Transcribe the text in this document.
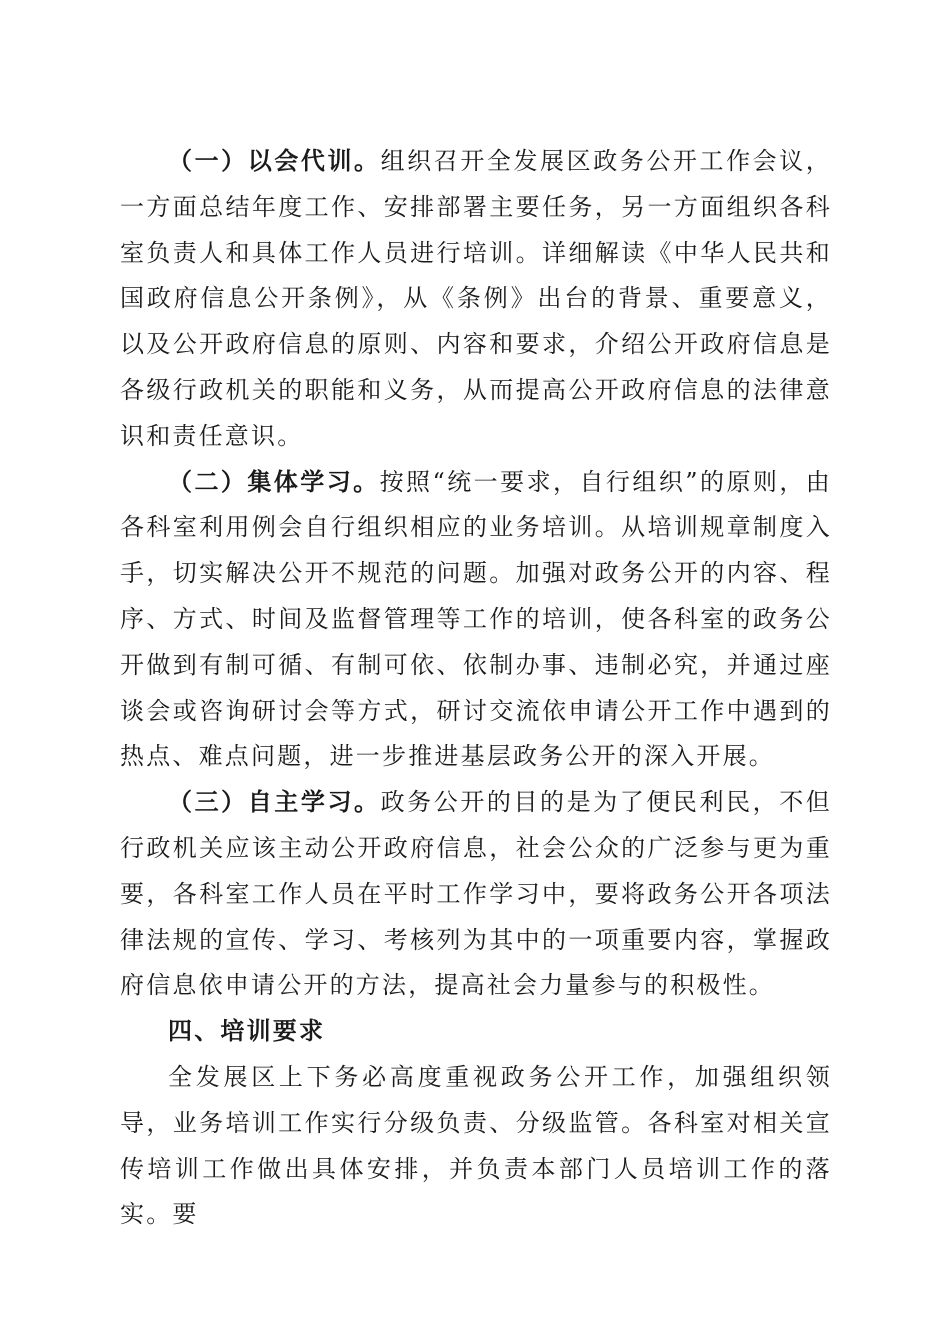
（一）以会代训。组织召开全发展区政务公开工作会议，一方面总结年度工作、安排部署主要任务，另一方面组织各科室负责人和具体工作人员进行培训。详细解读《中华人民共和国政府信息公开条例》，从《条例》出台的背景、重要意义，以及公开政府信息的原则、内容和要求，介绍公开政府信息是各级行政机关的职能和义务，从而提高公开政府信息的法律意识和责任意识。

（二）集体学习。按照“统一要求，自行组织”的原则，由各科室利用例会自行组织相应的业务培训。从培训规章制度入手，切实解决公开不规范的问题。加强对政务公开的内容、程序、方式、时间及监督管理等工作的培训，使各科室的政务公开做到有制可循、有制可依、依制办事、违制必究，并通过座谈会或咨询研讨会等方式，研讨交流依申请公开工作中遇到的热点、难点问题，进一步推进基层政务公开的深入开展。

（三）自主学习。政务公开的目的是为了便民利民，不但行政机关应该主动公开政府信息，社会公众的广泛参与更为重要，各科室工作人员在平时工作学习中，要将政务公开各项法律法规的宣传、学习、考核列为其中的一项重要内容，掌握政府信息依申请公开的方法，提高社会力量参与的积极性。

四、培训要求

全发展区上下务必高度重视政务公开工作，加强组织领导，业务培训工作实行分级负责、分级监管。各科室对相关宣传培训工作做出具体安排，并负责本部门人员培训工作的落实。要
